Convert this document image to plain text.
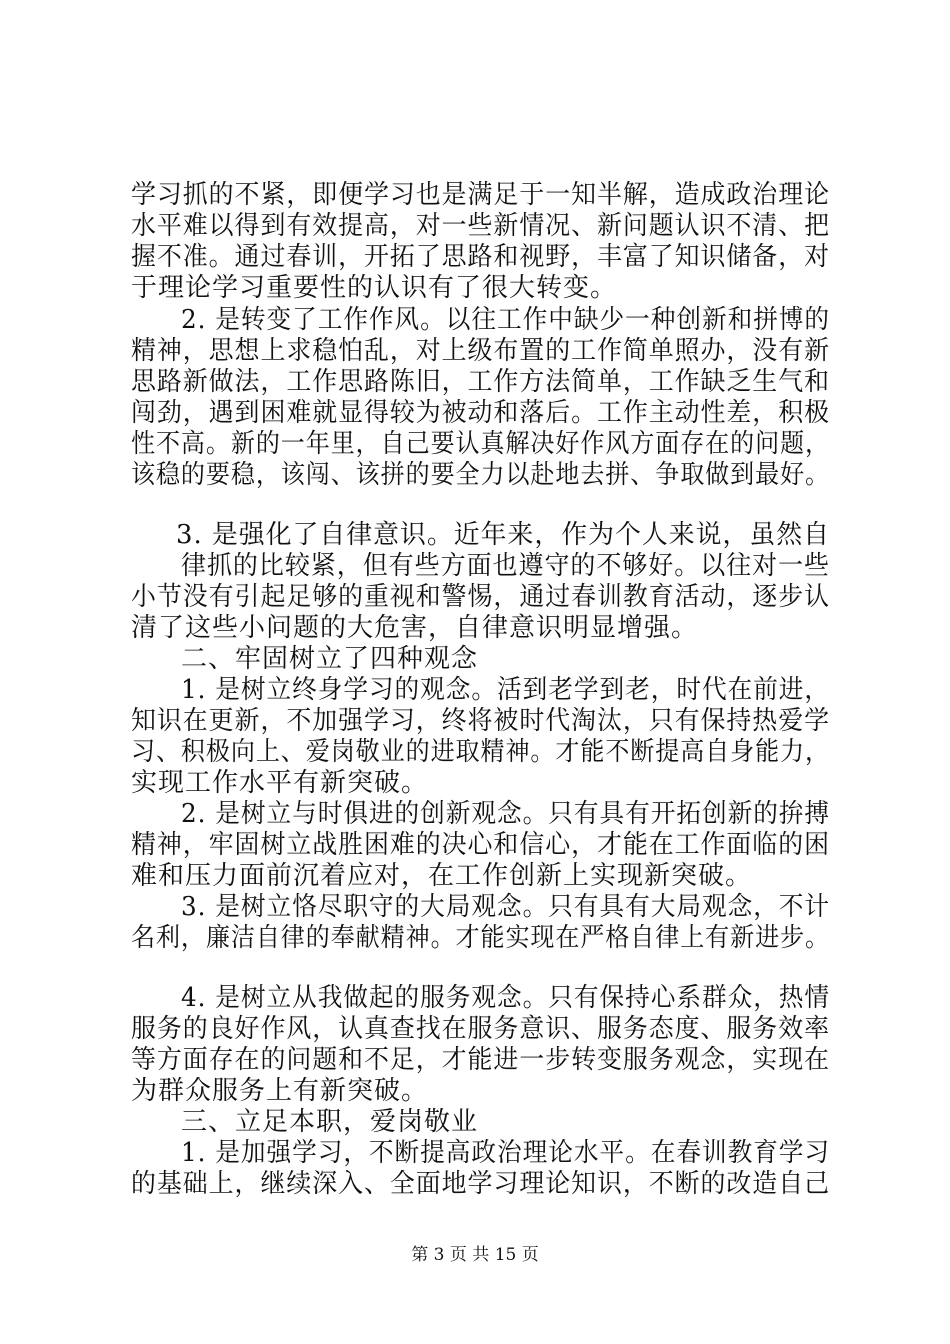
学习抓的不紧，即便学习也是满足于一知半解，造成政治理论
水平难以得到有效提高，对一些新情况、新问题认识不清、把
握不准。通过春训，开拓了思路和视野，丰富了知识储备，对
于理论学习重要性的认识有了很大转变。
2. 是转变了工作作风。以往工作中缺少一种创新和拼博的
精神，思想上求稳怕乱，对上级布置的工作简单照办，没有新
思路新做法，工作思路陈旧，工作方法简单，工作缺乏生气和
闯劲，遇到困难就显得较为被动和落后。工作主动性差，积极
性不高。新的一年里，自己要认真解决好作风方面存在的问题，
该稳的要稳，该闯、该拼的要全力以赴地去拼、争取做到最好。
3. 是强化了自律意识。近年来，作为个人来说，虽然自
律抓的比较紧，但有些方面也遵守的不够好。以往对一些
小节没有引起足够的重视和警惕，通过春训教育活动，逐步认
清了这些小问题的大危害，自律意识明显增强。
二、牢固树立了四种观念
1. 是树立终身学习的观念。活到老学到老，时代在前进，
知识在更新，不加强学习，终将被时代淘汰，只有保持热爱学
习、积极向上、爱岗敬业的进取精神。才能不断提高自身能力，
实现工作水平有新突破。
2. 是树立与时俱进的创新观念。只有具有开拓创新的拚搏
精神，牢固树立战胜困难的决心和信心，才能在工作面临的困
难和压力面前沉着应对，在工作创新上实现新突破。
3. 是树立恪尽职守的大局观念。只有具有大局观念，不计
名利，廉洁自律的奉献精神。才能实现在严格自律上有新进步。
4. 是树立从我做起的服务观念。只有保持心系群众，热情
服务的良好作风，认真查找在服务意识、服务态度、服务效率
等方面存在的问题和不足，才能进一步转变服务观念，实现在
为群众服务上有新突破。
三、立足本职，爱岗敬业
1. 是加强学习，不断提高政治理论水平。在春训教育学习
的基础上，继续深入、全面地学习理论知识，不断的改造自己
第 3 页 共 15 页
